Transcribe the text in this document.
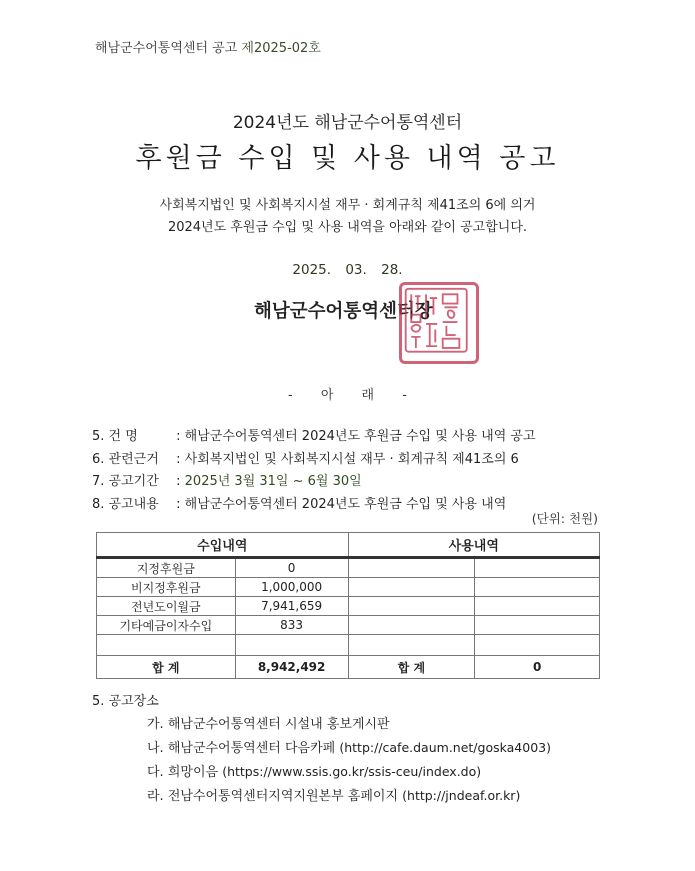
해남군수어통역센터 공고 제2025-02호
2024년도 해남군수어통역센터
후원금 수입 및 사용 내역 공고
사회복지법인 및 사회복지시설 재무 · 회계규칙 제41조의 6에 의거
2024년도 후원금 수입 및 사용 내역을 아래와 같이 공고합니다.
2025. 03. 28.
해남군수어통역센터장
- 아 래 -
5. 건 명	: 해남군수어통역센터 2024년도 후원금 수입 및 사용 내역 공고
6. 관련근거 : 사회복지법인 및 사회복지시설 재무 · 회계규칙 제41조의 6
7. 공고기간 : 2025년 3월 31일 ~ 6월 30일
8. 공고내용 : 해남군수어통역센터 2024년도 후원금 수입 및 사용 내역
(단위: 천원)
수입내역		사용내역	
지정후원금	0		
비지정후원금	1,000,000		
전년도이월금	7,941,659		
기타예금이자수입	833		

합 계	8,942,492	합 계	0
5. 공고장소
가. 해남군수어통역센터 시설내 홍보게시판
나. 해남군수어통역센터 다음카페 (http://cafe.daum.net/goska4003)
다. 희망이음 (https://www.ssis.go.kr/ssis-ceu/index.do)
라. 전남수어통역센터지역지원본부 홈페이지 (http://jndeaf.or.kr)
